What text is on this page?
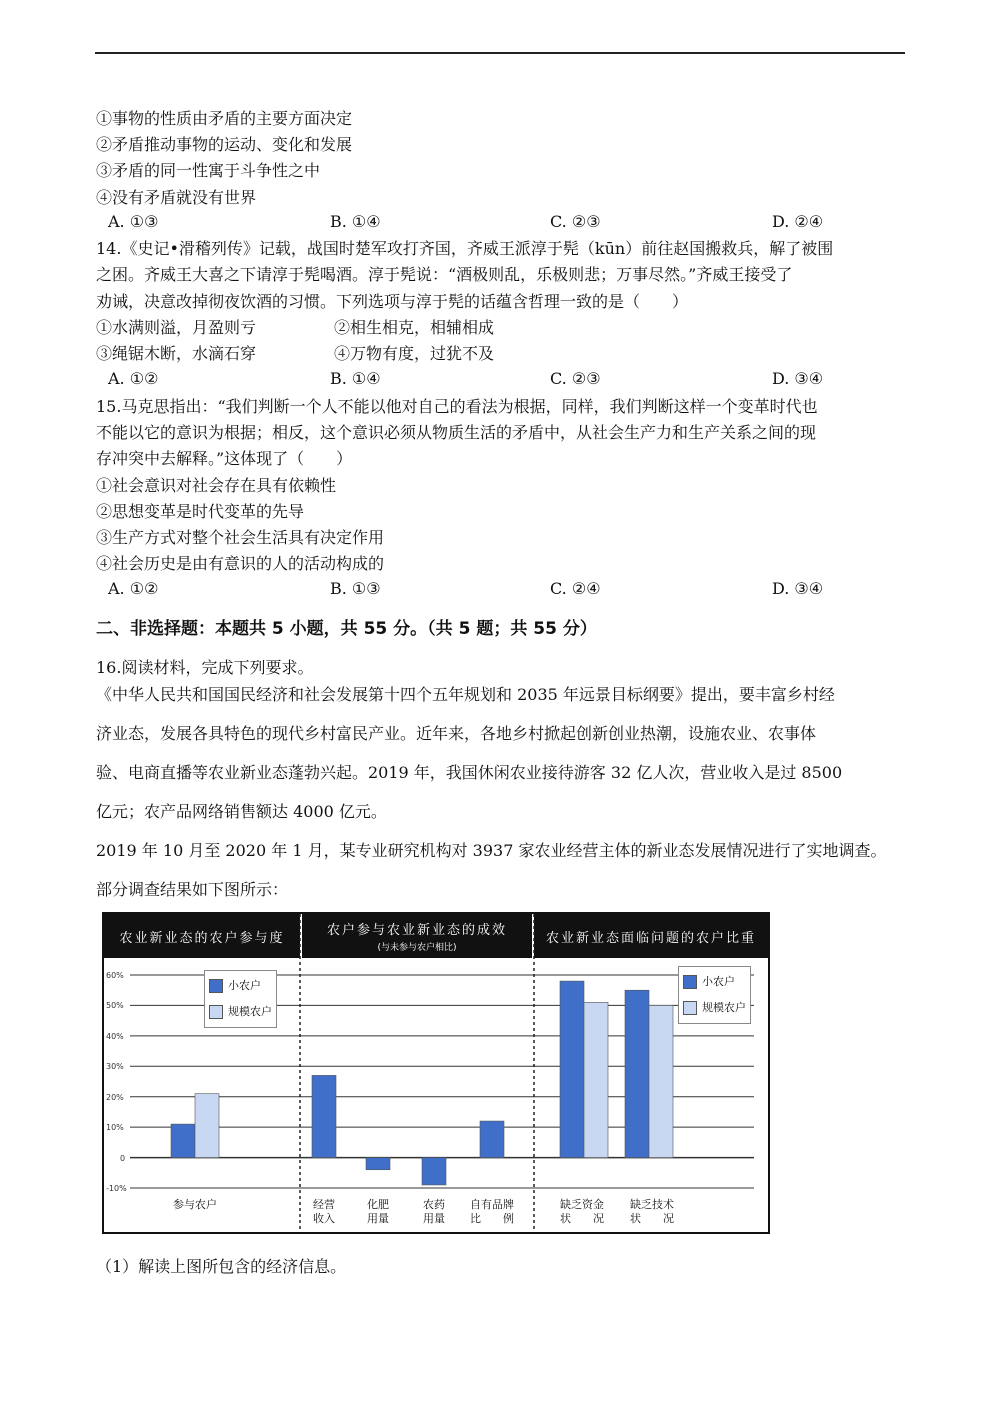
①事物的性质由矛盾的主要方面决定
②矛盾推动事物的运动、变化和发展
③矛盾的同一性寓于斗争性之中
④没有矛盾就没有世界
A. ①③	B. ①④	C. ②③	D. ②④
14.《史记•滑稽列传》记载，战国时楚军攻打齐国，齐威王派淳于髡（kūn）前往赵国搬救兵，解了被围
之困。齐威王大喜之下请淳于髡喝酒。淳于髡说：“酒极则乱，乐极则悲；万事尽然。”齐威王接受了
劝诫，决意改掉彻夜饮酒的习惯。下列选项与淳于髡的话蕴含哲理一致的是（　　）
①水满则溢，月盈则亏	②相生相克，相辅相成
③绳锯木断，水滴石穿	④万物有度，过犹不及
A. ①②	B. ①④	C. ②③	D. ③④
15.马克思指出：“我们判断一个人不能以他对自己的看法为根据，同样，我们判断这样一个变革时代也
不能以它的意识为根据；相反，这个意识必须从物质生活的矛盾中，从社会生产力和生产关系之间的现
存冲突中去解释。”这体现了（　　）
①社会意识对社会存在具有依赖性
②思想变革是时代变革的先导
③生产方式对整个社会生活具有决定作用
④社会历史是由有意识的人的活动构成的
A. ①②	B. ①③	C. ②④	D. ③④
二、非选择题：本题共 5 小题，共 55 分。（共 5 题；共 55 分）
16.阅读材料，完成下列要求。
《中华人民共和国国民经济和社会发展第十四个五年规划和 2035 年远景目标纲要》提出，要丰富乡村经
济业态，发展各具特色的现代乡村富民产业。近年来，各地乡村掀起创新创业热潮，设施农业、农事体
验、电商直播等农业新业态蓬勃兴起。2019 年，我国休闲农业接待游客 32 亿人次，营业收入是过 8500
亿元；农产品网络销售额达 4000 亿元。
2019 年 10 月至 2020 年 1 月，某专业研究机构对 3937 家农业经营主体的新业态发展情况进行了实地调查。
部分调查结果如下图所示：
农业新业态的农户参与度	农户参与农业新业态的成效
(与未参与农户相比)
农业新业态面临问题的农户比重
60%
50%
40%
30%
20%
10%
0
-10%
小农户
规模农户
小农户
规模农户
参与农户	经营
收入
化肥
用量
农药
用量
自有品牌
比　　例
缺乏资金
状　　况
缺乏技术
状　　况
（1）解读上图所包含的经济信息。
